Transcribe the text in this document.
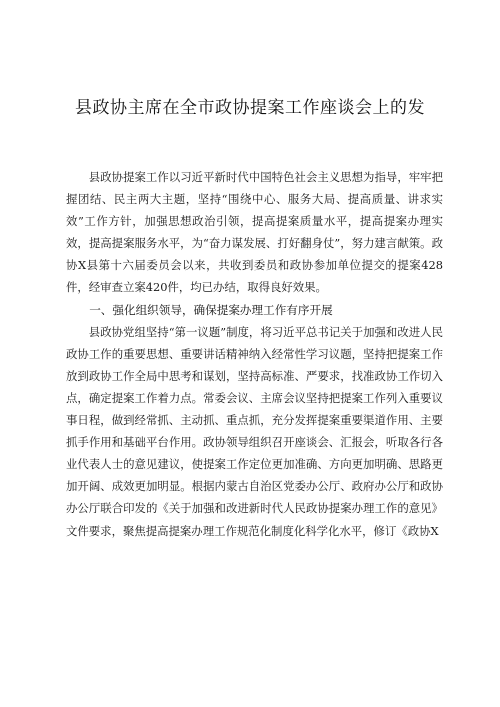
县政协主席在全市政协提案工作座谈会上的发

县政协提案工作以习近平新时代中国特色社会主义思想为指导，牢牢把握团结、民主两大主题，坚持“围绕中心、服务大局、提高质量、讲求实效”工作方针，加强思想政治引领，提高提案质量水平，提高提案办理实效，提高提案服务水平，为“奋力谋发展、打好翻身仗”，努力建言献策。政协X县第十六届委员会以来，共收到委员和政协参加单位提交的提案428件，经审查立案420件，均已办结，取得良好效果。

一、强化组织领导，确保提案办理工作有序开展

县政协党组坚持“第一议题”制度，将习近平总书记关于加强和改进人民政协工作的重要思想、重要讲话精神纳入经常性学习议题，坚持把提案工作放到政协工作全局中思考和谋划，坚持高标准、严要求，找准政协工作切入点，确定提案工作着力点。常委会议、主席会议坚持把提案工作列入重要议事日程，做到经常抓、主动抓、重点抓，充分发挥提案重要渠道作用、主要抓手作用和基础平台作用。政协领导组织召开座谈会、汇报会，听取各行各业代表人士的意见建议，使提案工作定位更加准确、方向更加明确、思路更加开阔、成效更加明显。根据内蒙古自治区党委办公厅、政府办公厅和政协办公厅联合印发的《关于加强和改进新时代人民政协提案办理工作的意见》文件要求，聚焦提高提案办理工作规范化制度化科学化水平，修订《政协X
